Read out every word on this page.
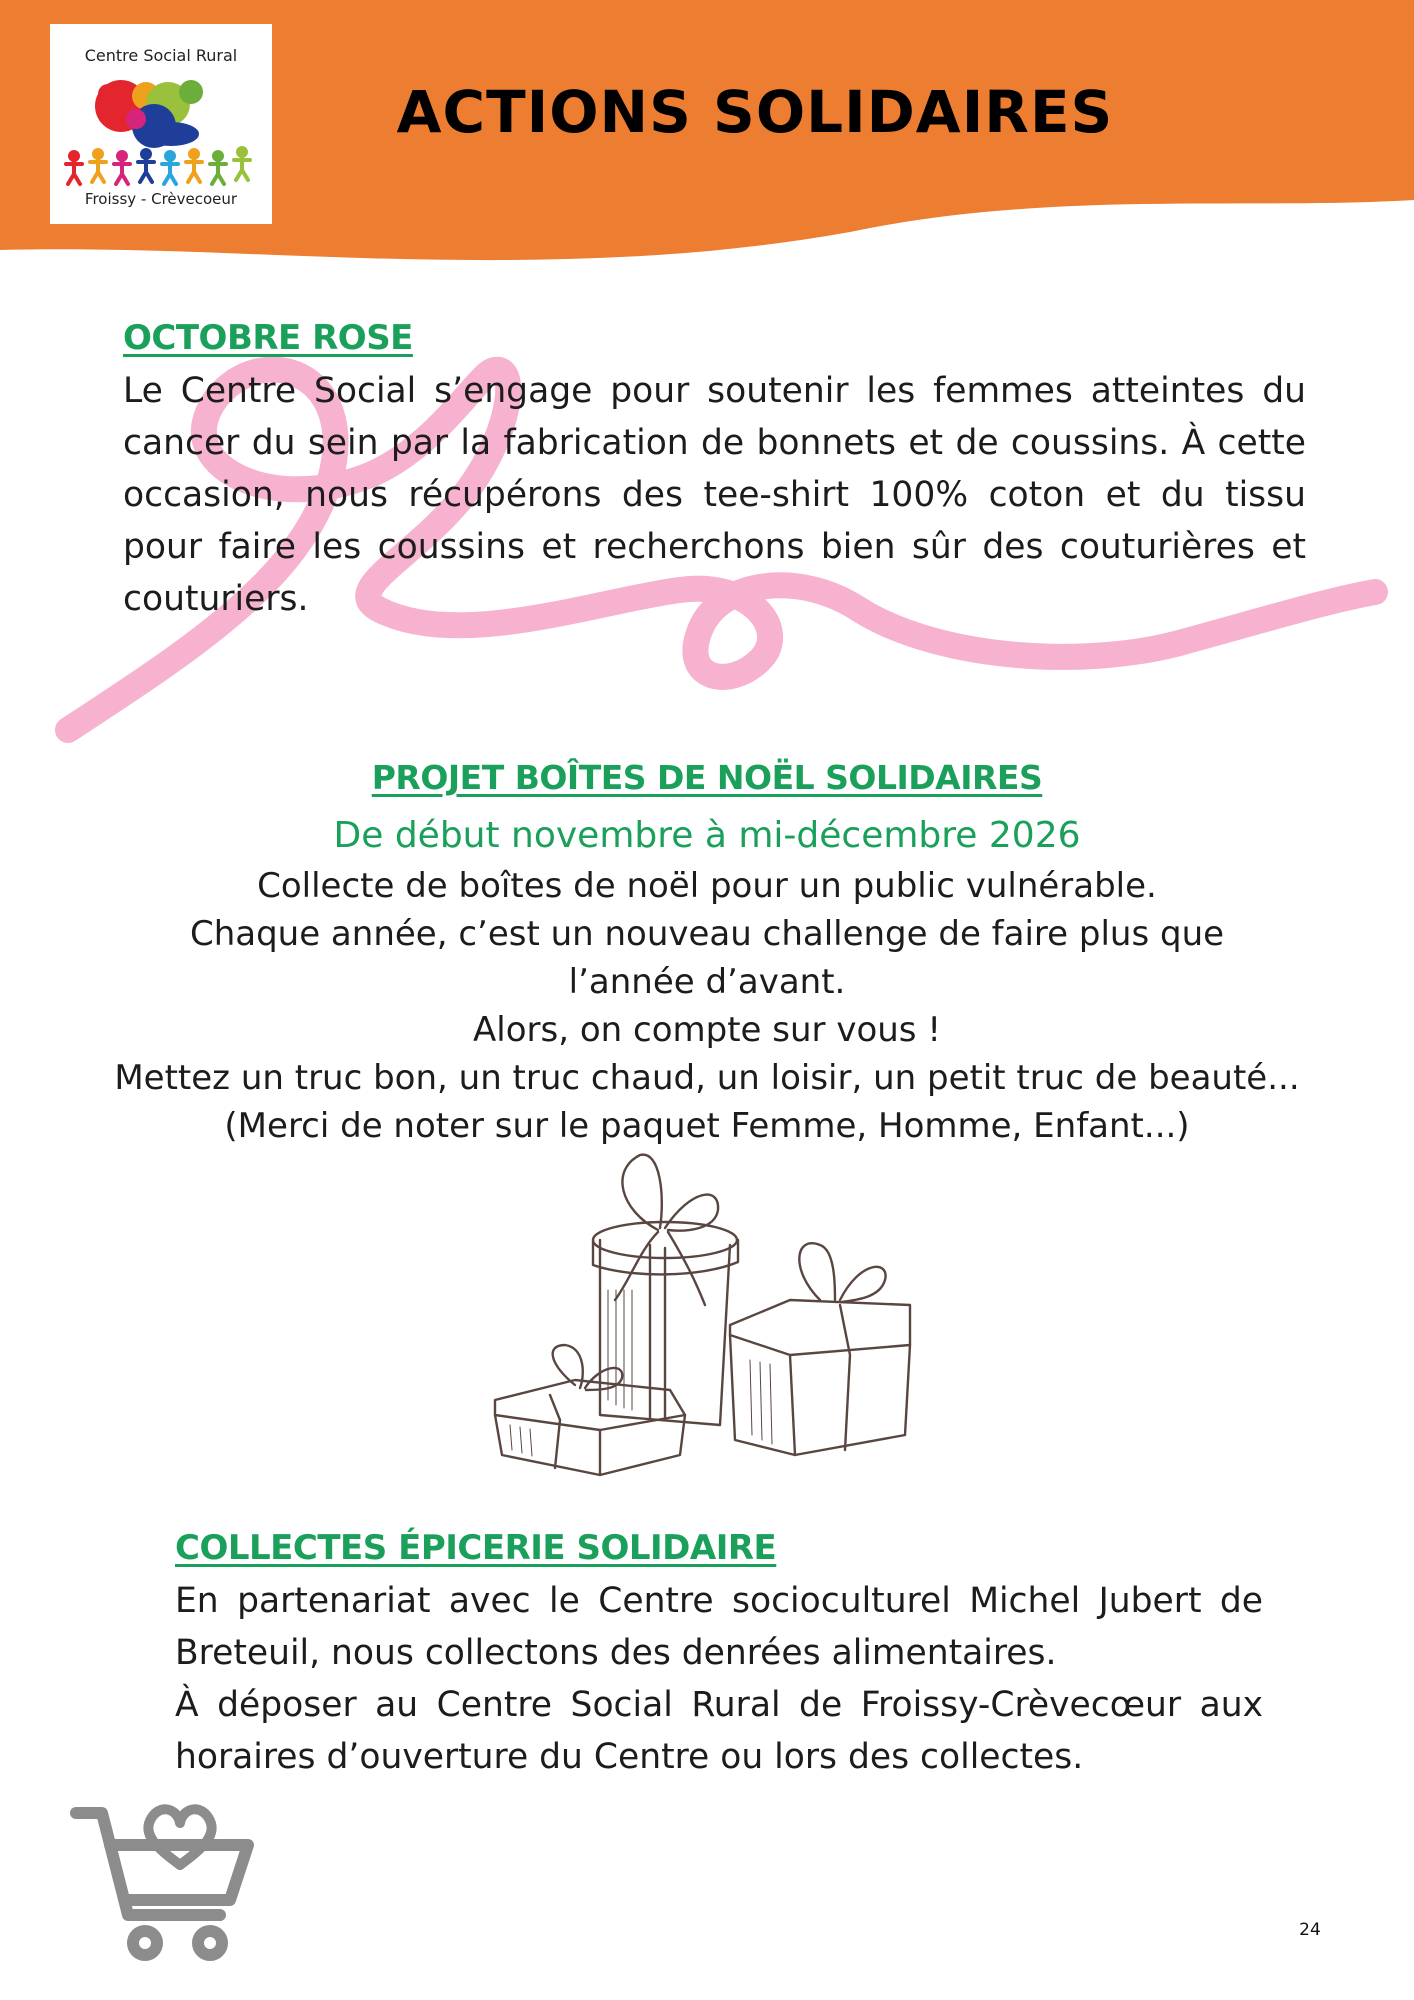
Centre Social Rural
Froissy - Crèvecoeur
ACTIONS SOLIDAIRES
OCTOBRE ROSE

Le Centre Social s’engage pour soutenir les femmes atteintes du cancer du sein par la fabrication de bonnets et de coussins. À cette occasion, nous récupérons des tee-shirt 100% coton et du tissu pour faire les coussins et recherchons bien sûr des couturières et couturiers.

PROJET BOÎTES DE NOËL SOLIDAIRES
De début novembre à mi-décembre 2026

Collecte de boîtes de noël pour un public vulnérable.

Chaque année, c’est un nouveau challenge de faire plus que l’année d’avant.

Alors, on compte sur vous !

Mettez un truc bon, un truc chaud, un loisir, un petit truc de beauté... (Merci de noter sur le paquet Femme, Homme, Enfant...)

COLLECTES ÉPICERIE SOLIDAIRE

En partenariat avec le Centre socioculturel Michel Jubert de Breteuil, nous collectons des denrées alimentaires.

À déposer au Centre Social Rural de Froissy-Crèvecœur aux horaires d’ouverture du Centre ou lors des collectes.

24
